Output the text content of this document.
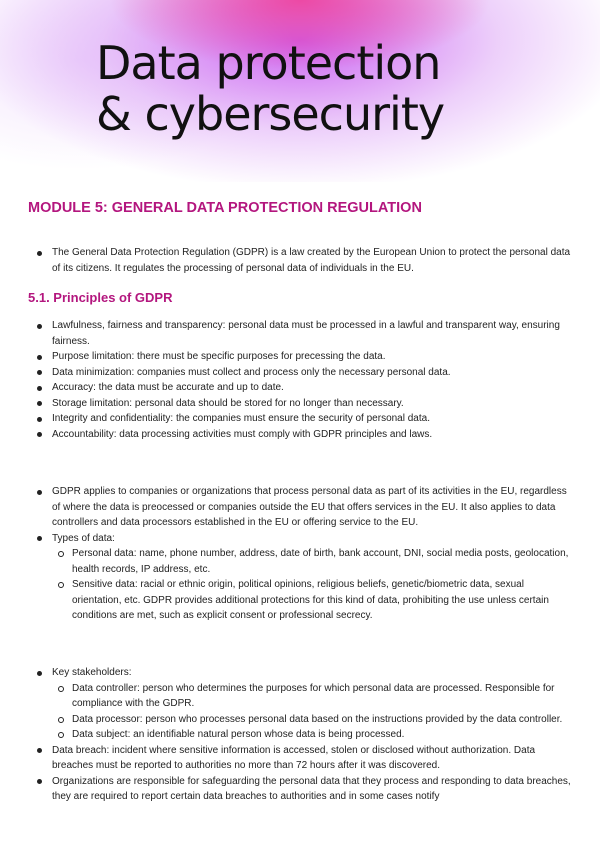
Data protection
& cybersecurity
MODULE 5: GENERAL DATA PROTECTION REGULATION
The General Data Protection Regulation (GDPR) is a law created by the European Union to protect the personal data of its citizens. It regulates the processing of personal data of individuals in the EU.
5.1. Principles of GDPR
Lawfulness, fairness and transparency: personal data must be processed in a lawful and transparent way, ensuring fairness.
Purpose limitation: there must be specific purposes for precessing the data.
Data minimization: companies must collect and process only the necessary personal data.
Accuracy: the data must be accurate and up to date.
Storage limitation: personal data should be stored for no longer than necessary.
Integrity and confidentiality: the companies must ensure the security of personal data.
Accountability: data processing activities must comply with GDPR principles and laws.
GDPR applies to companies or organizations that process personal data as part of its activities in the EU, regardless of where the data is preocessed or companies outside the EU that offers services in the EU. It also applies to data controllers and data processors established in the EU or offering service to the EU.
Types of data:
Personal data: name, phone number, address, date of birth, bank account, DNI, social media posts, geolocation, health records, IP address, etc.
Sensitive data: racial or ethnic origin, political opinions, religious beliefs, genetic/biometric data, sexual orientation, etc. GDPR provides additional protections for this kind of data, prohibiting the use unless certain conditions are met, such as explicit consent or professional secrecy.
Key stakeholders:
Data controller: person who determines the purposes for which personal data are processed. Responsible for compliance with the GDPR.
Data processor: person who processes personal data based on the instructions provided by the data controller.
Data subject: an identifiable natural person whose data is being processed.
Data breach: incident where sensitive information is accessed, stolen or disclosed without authorization. Data breaches must be reported to authorities no more than 72 hours after it was discovered.
Organizations are responsible for safeguarding the personal data that they process and responding to data breaches, they are required to report certain data breaches to authorities and in some cases notify
